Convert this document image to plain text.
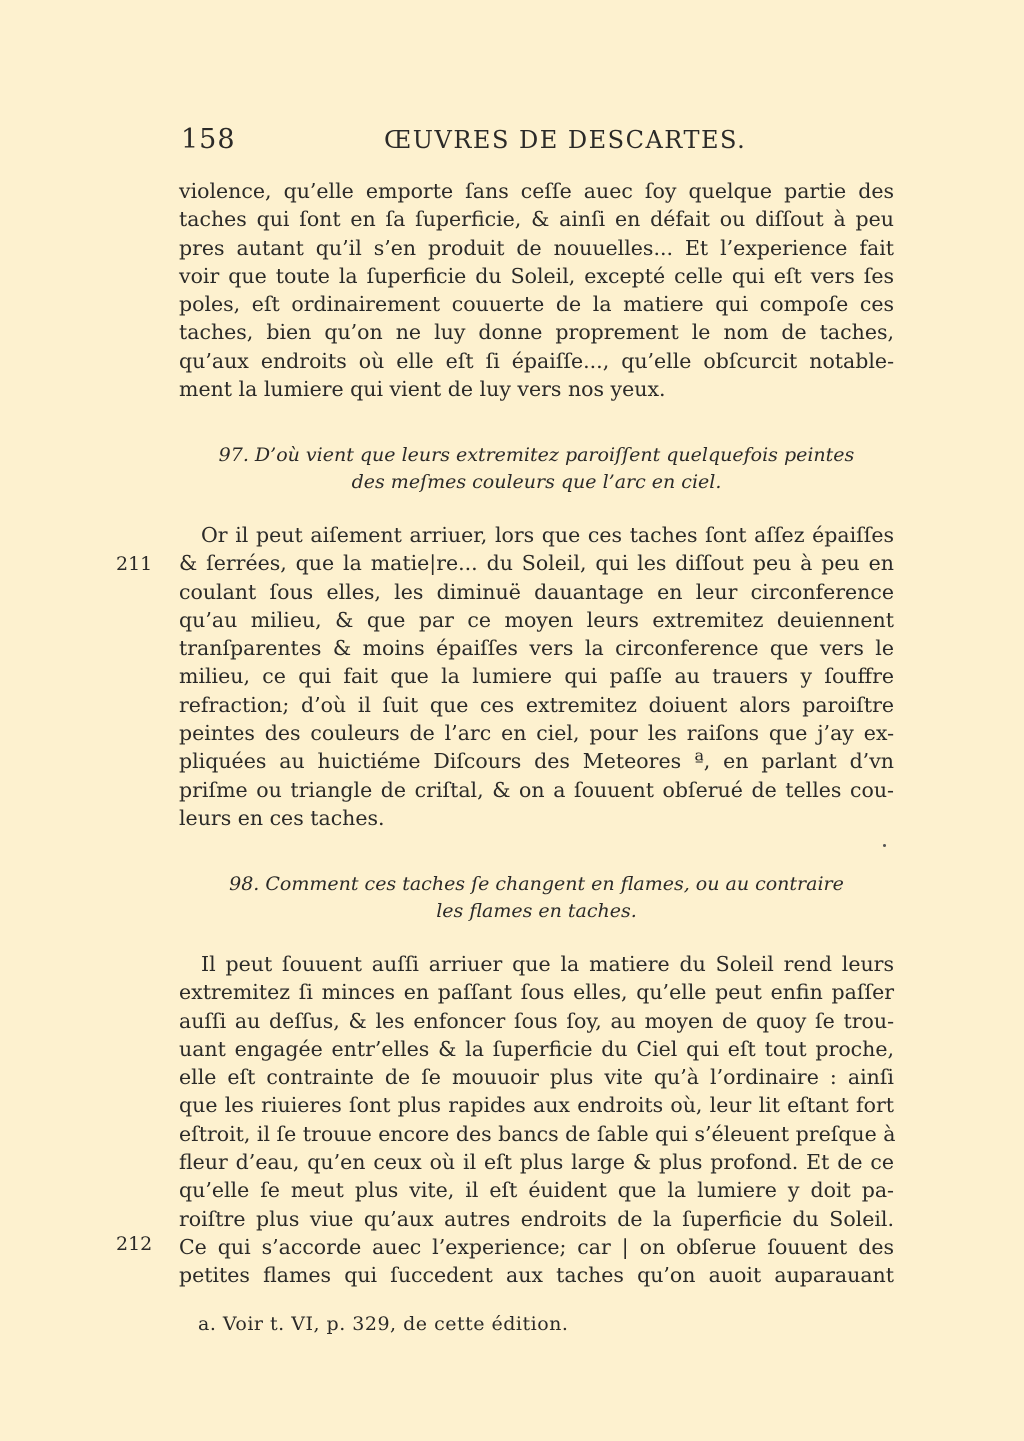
158	ŒUVRES DE DESCARTES.
violence, qu’elle emporte ſans ceſſe auec ſoy quelque partie des
taches qui ſont en ſa ſuperficie, & ainſi en défait ou diſſout à peu
pres autant qu’il s’en produit de nouuelles... Et l’experience fait
voir que toute la ſuperficie du Soleil, excepté celle qui eſt vers ſes
poles, eſt ordinairement couuerte de la matiere qui compoſe ces
taches, bien qu’on ne luy donne proprement le nom de taches,
qu’aux endroits où elle eſt ſi épaiſſe..., qu’elle obſcurcit notable-
ment la lumiere qui vient de luy vers nos yeux.
97. D’où vient que leurs extremitez paroiſſent quelquefois peintes
des meſmes couleurs que l’arc en ciel.
211
Or il peut aiſement arriuer, lors que ces taches ſont aſſez épaiſſes
& ſerrées, que la matie|re... du Soleil, qui les diſſout peu à peu en
coulant ſous elles, les diminuë dauantage en leur circonference
qu’au milieu, & que par ce moyen leurs extremitez deuiennent
tranſparentes & moins épaiſſes vers la circonference que vers le
milieu, ce qui fait que la lumiere qui paſſe au trauers y ſouffre
refraction; d’où il ſuit que ces extremitez doiuent alors paroiſtre
peintes des couleurs de l’arc en ciel, pour les raiſons que j’ay ex-
pliquées au huictiéme Diſcours des Meteores ª, en parlant d’vn
priſme ou triangle de criſtal, & on a ſouuent obſerué de telles cou-
leurs en ces taches.
98. Comment ces taches ſe changent en flames, ou au contraire
les flames en taches.
Il peut ſouuent auſſi arriuer que la matiere du Soleil rend leurs
extremitez ſi minces en paſſant ſous elles, qu’elle peut enfin paſſer
auſſi au deſſus, & les enfoncer ſous ſoy, au moyen de quoy ſe trou-
uant engagée entr’elles & la ſuperficie du Ciel qui eſt tout proche,
elle eſt contrainte de ſe mouuoir plus vite qu’à l’ordinaire : ainſi
que les riuieres ſont plus rapides aux endroits où, leur lit eſtant fort
eſtroit, il ſe trouue encore des bancs de ſable qui s’éleuent preſque à
fleur d’eau, qu’en ceux où il eſt plus large & plus profond. Et de ce
qu’elle ſe meut plus vite, il eſt éuident que la lumiere y doit pa-
roiſtre plus viue qu’aux autres endroits de la ſuperficie du Soleil.
Ce qui s’accorde auec l’experience; car | on obſerue ſouuent des
petites flames qui ſuccedent aux taches qu’on auoit auparauant
212
a. Voir t. VI, p. 329, de cette édition.
